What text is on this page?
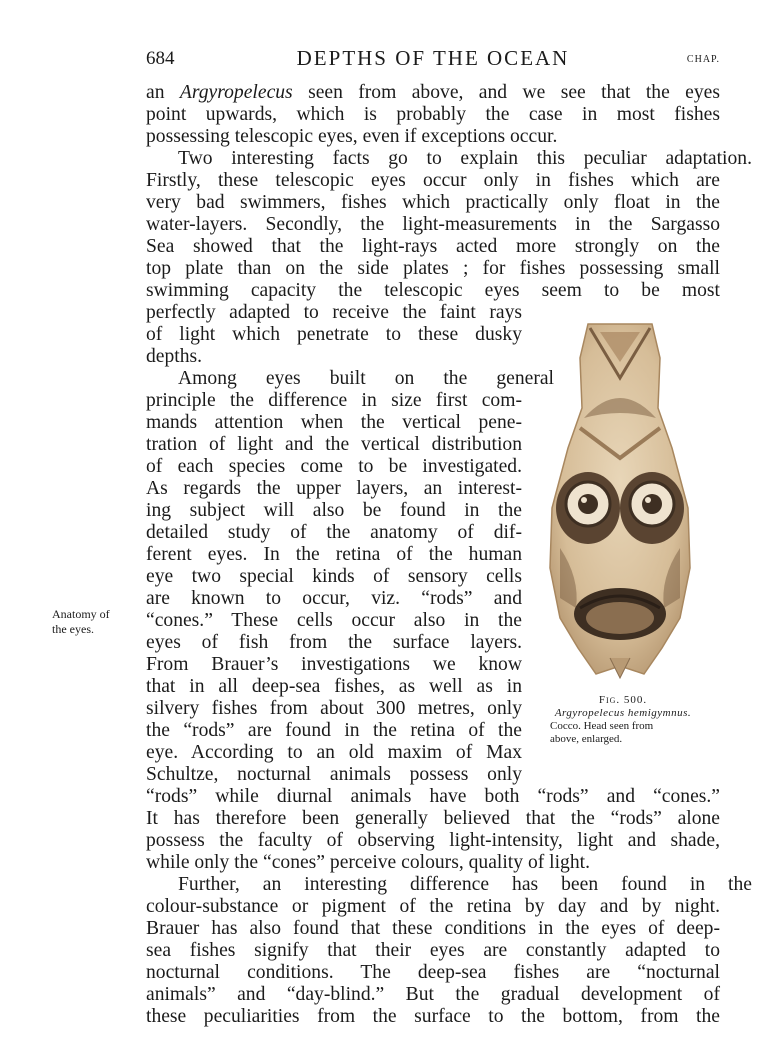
684	DEPTHS OF THE OCEAN	CHAP.
an Argyropelecus seen from above, and we see that the eyes
point upwards, which is probably the case in most fishes
possessing telescopic eyes, even if exceptions occur.
Two interesting facts go to explain this peculiar adaptation.
Firstly, these telescopic eyes occur only in fishes which are
very bad swimmers, fishes which practically only float in the
water-layers. Secondly, the light-measurements in the Sargasso
Sea showed that the light-rays acted more strongly on the
top plate than on the side plates ; for fishes possessing small
swimming capacity the telescopic eyes seem to be most
perfectly adapted to receive the faint rays
of light which penetrate to these dusky
depths.
Among eyes built on the general
principle the difference in size first com-
mands attention when the vertical pene-
tration of light and the vertical distribution
of each species come to be investigated.
As regards the upper layers, an interest-
ing subject will also be found in the
detailed study of the anatomy of dif-
ferent eyes. In the retina of the human
eye two special kinds of sensory cells
are known to occur, viz. “rods” and
“cones.” These cells occur also in the
eyes of fish from the surface layers.
From Brauer’s investigations we know
that in all deep-sea fishes, as well as in
silvery fishes from about 300 metres, only
the “rods” are found in the retina of the
eye. According to an old maxim of Max
Schultze, nocturnal animals possess only
“rods” while diurnal animals have both “rods” and “cones.”
It has therefore been generally believed that the “rods” alone
possess the faculty of observing light-intensity, light and shade,
while only the “cones” perceive colours, quality of light.
Further, an interesting difference has been found in the
colour-substance or pigment of the retina by day and by night.
Brauer has also found that these conditions in the eyes of deep-
sea fishes signify that their eyes are constantly adapted to
nocturnal conditions. The deep-sea fishes are “nocturnal
animals” and “day-blind.” But the gradual development of
these peculiarities from the surface to the bottom, from the
Anatomy of
the eyes.
Fig. 500.
Argyropelecus hemigymnus.
Cocco. Head seen from
above, enlarged.
